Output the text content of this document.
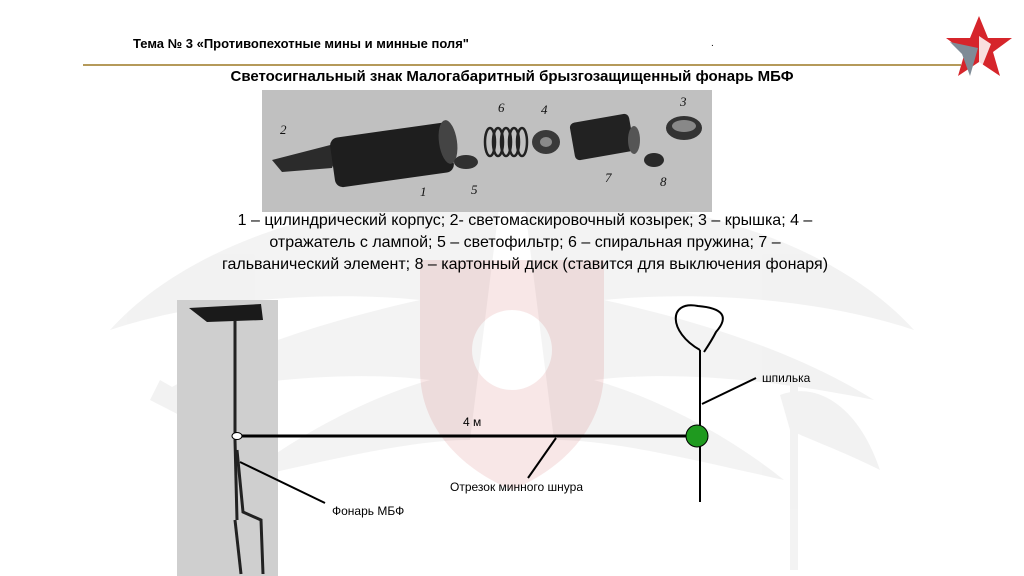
Тема № 3 «Противопехотные мины и минные поля"	.
Светосигнальный знак Малогабаритный брызгозащищенный фонарь МБФ
2
6	4
3
1	5
7	8
1 – цилиндрический корпус; 2- светомаскировочный козырек; 3 – крышка; 4 –
отражатель с лампой; 5 – светофильтр; 6 – спиральная пружина; 7 –
гальванический элемент; 8 – картонный диск (ставится для выключения фонаря)
4 м
шпилька
Отрезок минного шнура
Фонарь МБФ
